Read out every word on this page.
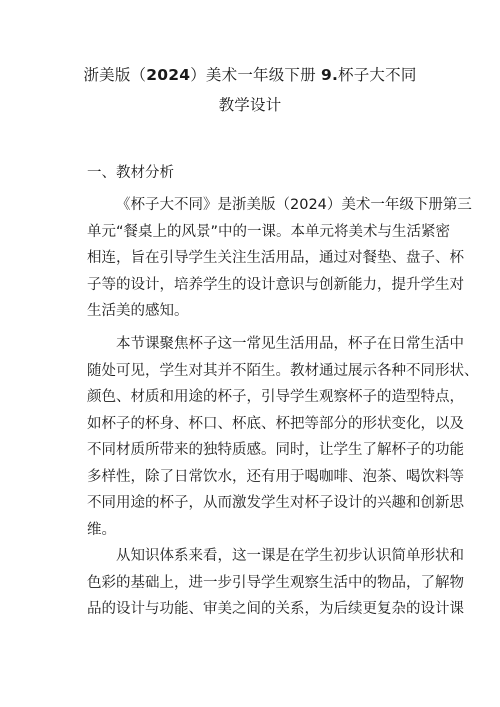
浙美版（2024）美术一年级下册 9.杯子大不同
教学设计
一、教材分析
《杯子大不同》是浙美版（2024）美术一年级下册第三
单元“餐桌上的风景”中的一课。本单元将美术与生活紧密
相连，旨在引导学生关注生活用品，通过对餐垫、盘子、杯
子等的设计，培养学生的设计意识与创新能力，提升学生对
生活美的感知。
本节课聚焦杯子这一常见生活用品，杯子在日常生活中
随处可见，学生对其并不陌生。教材通过展示各种不同形状、
颜色、材质和用途的杯子，引导学生观察杯子的造型特点，
如杯子的杯身、杯口、杯底、杯把等部分的形状变化，以及
不同材质所带来的独特质感。同时，让学生了解杯子的功能
多样性，除了日常饮水，还有用于喝咖啡、泡茶、喝饮料等
不同用途的杯子，从而激发学生对杯子设计的兴趣和创新思
维。
从知识体系来看，这一课是在学生初步认识简单形状和
色彩的基础上，进一步引导学生观察生活中的物品，了解物
品的设计与功能、审美之间的关系，为后续更复杂的设计课
